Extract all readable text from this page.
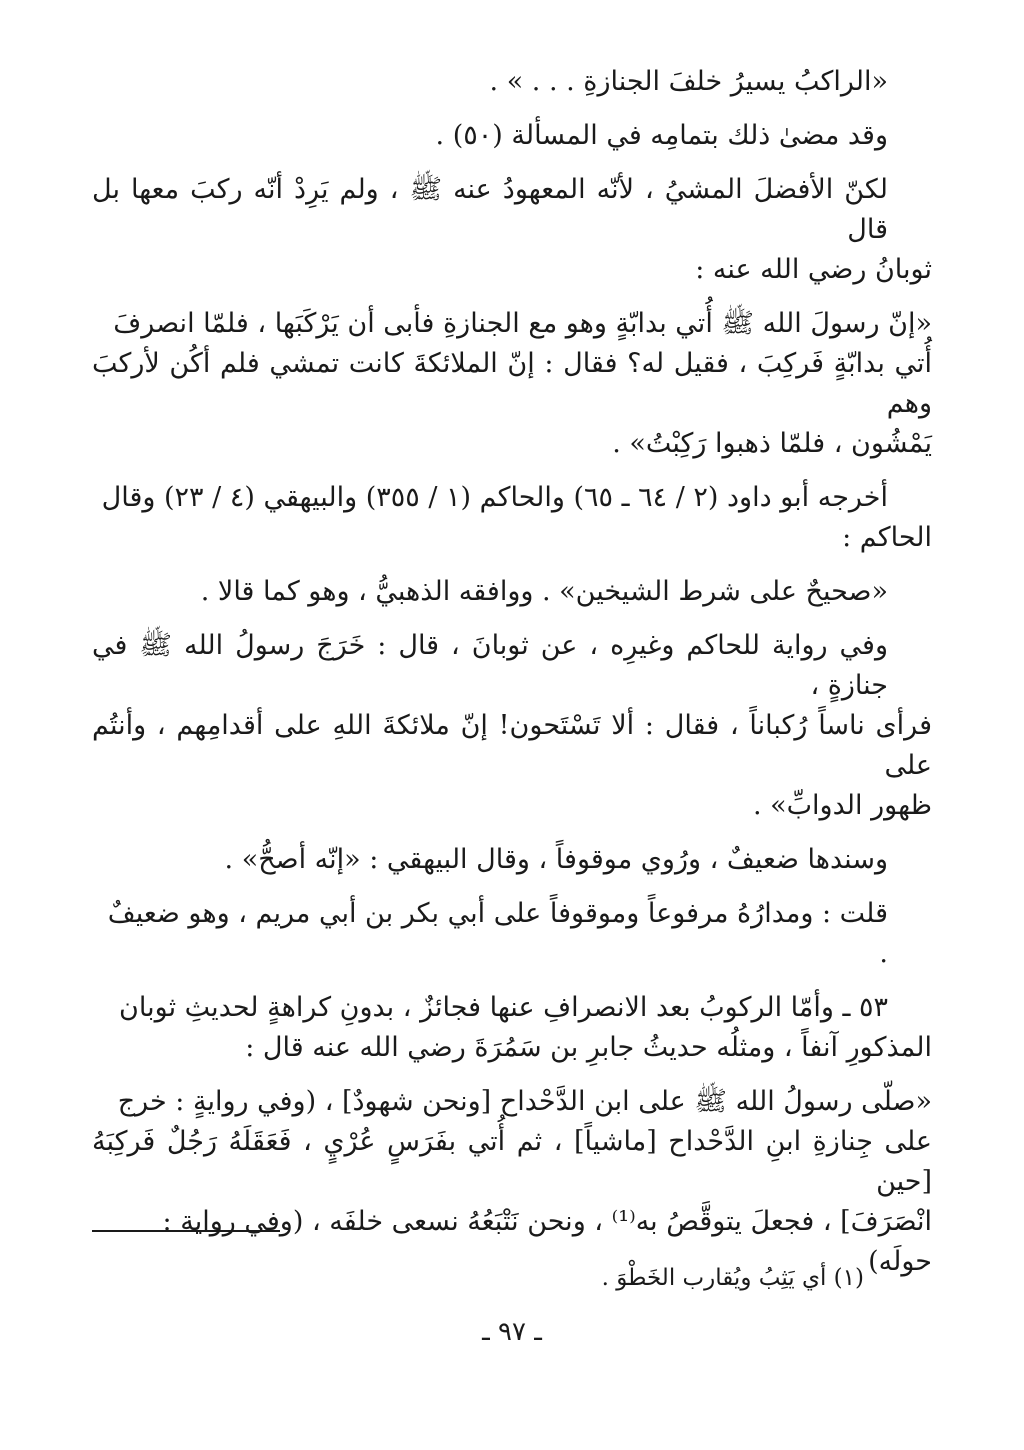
«الراكبُ يسيرُ خلفَ الجنازةِ . . . » .

وقد مضىٰ ذلك بتمامِه في المسألة (٥٠) .

لكنّ الأفضلَ المشيُ ، لأنّه المعهودُ عنه ﷺ ، ولم يَرِدْ أنّه ركبَ معها بل قال

ثوبانُ رضي الله عنه :

«إنّ رسولَ الله ﷺ أُتي بدابّةٍ وهو مع الجنازةِ فأبى أن يَرْكَبَها ، فلمّا انصرفَ

أُتي بدابّةٍ فَركِبَ ، فقيل له؟ فقال : إنّ الملائكةَ كانت تمشي فلم أكُن لأركبَ وهم

يَمْشُون ، فلمّا ذهبوا رَكِبْتُ» .

أخرجه أبو داود (٢ / ٦٤ ـ ٦٥) والحاكم (١ / ٣٥٥) والبيهقي (٤ / ٢٣) وقال

الحاكم :

«صحيحٌ على شرط الشيخين» . ووافقه الذهبيُّ ، وهو كما قالا .

وفي رواية للحاكم وغيرِه ، عن ثوبانَ ، قال : خَرَجَ رسولُ الله ﷺ في جنازةٍ ،

فرأى ناساً رُكباناً ، فقال : ألا تَسْتَحون! إنّ ملائكةَ اللهِ على أقدامِهم ، وأنتُم على

ظهور الدوابِّ» .

وسندها ضعيفٌ ، ورُوي موقوفاً ، وقال البيهقي : «إنّه أصحُّ» .

قلت : ومدارُهُ مرفوعاً وموقوفاً على أبي بكر بن أبي مريم ، وهو ضعيفٌ .

٥٣ ـ وأمّا الركوبُ بعد الانصرافِ عنها فجائزٌ ، بدونِ كراهةٍ لحديثِ ثوبان

المذكورِ آنفاً ، ومثلُه حديثُ جابرِ بن سَمُرَةَ رضي الله عنه قال :

«صلّى رسولُ الله ﷺ على ابن الدَّحْداح [ونحن شهودٌ] ، (وفي روايةٍ : خرج

على جِنازةِ ابنِ الدَّحْداح [ماشياً] ، ثم أُتي بفَرَسٍ عُرْيٍ ، فَعَقَلَهُ رَجُلٌ فَركِبَهُ [حين

انْصَرَفَ] ، فجعلَ يتوقَّصُ به⁽¹⁾ ، ونحن نَتْبَعُهُ نسعى خلفَه ، (وفي رواية : حولَه)

(١) أي يَثِبُ ويُقارب الخَطْوَ .
ـ ٩٧ ـ
